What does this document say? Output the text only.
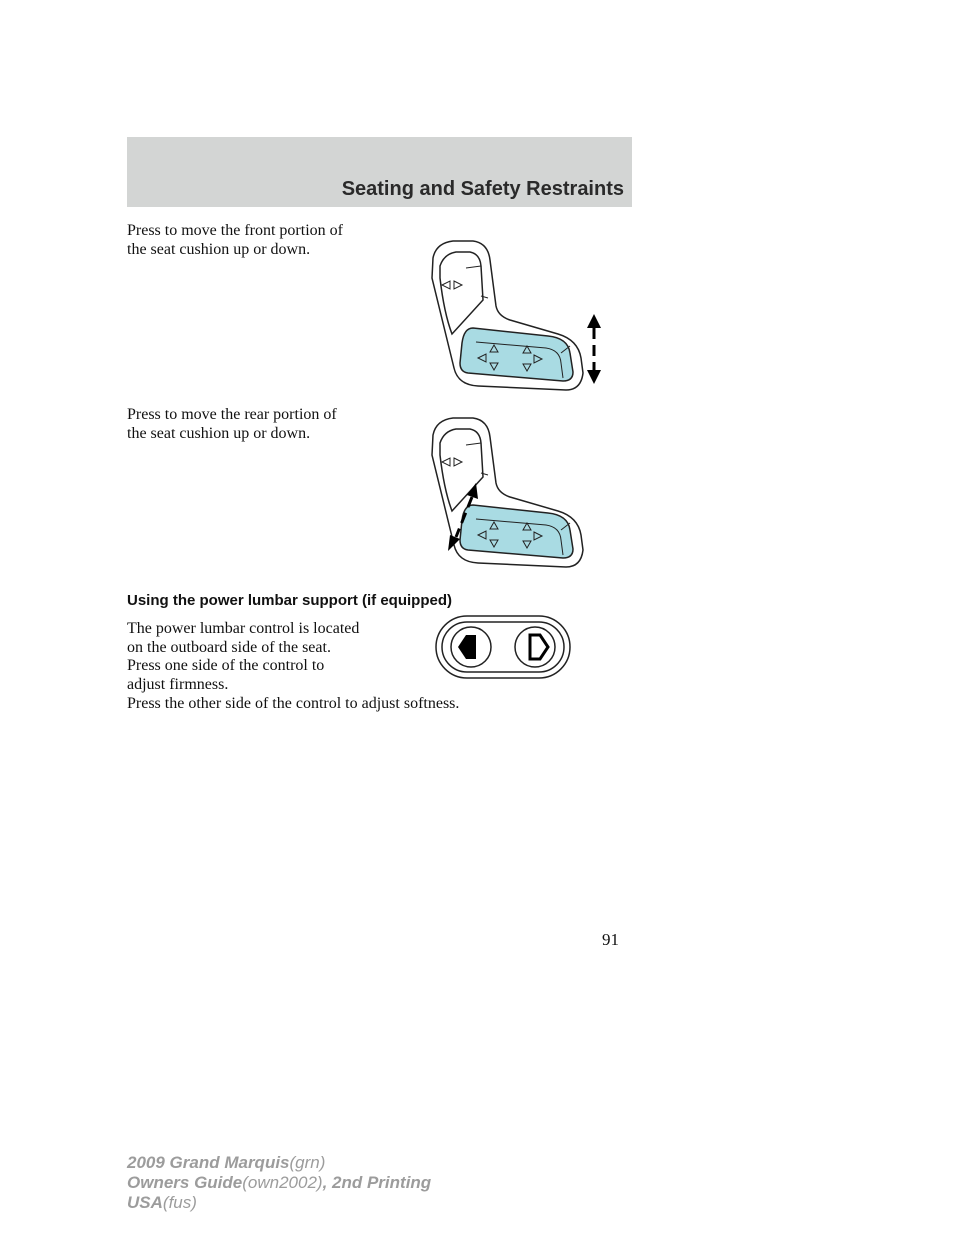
Seating and Safety Restraints
Press to move the front portion of
the seat cushion up or down.
Press to move the rear portion of
the seat cushion up or down.
Using the power lumbar support (if equipped)
The power lumbar control is located
on the outboard side of the seat.
Press one side of the control to
adjust firmness.
Press the other side of the control to adjust softness.
91
2009 Grand Marquis(grn)
Owners Guide(own2002), 2nd Printing
USA(fus)
